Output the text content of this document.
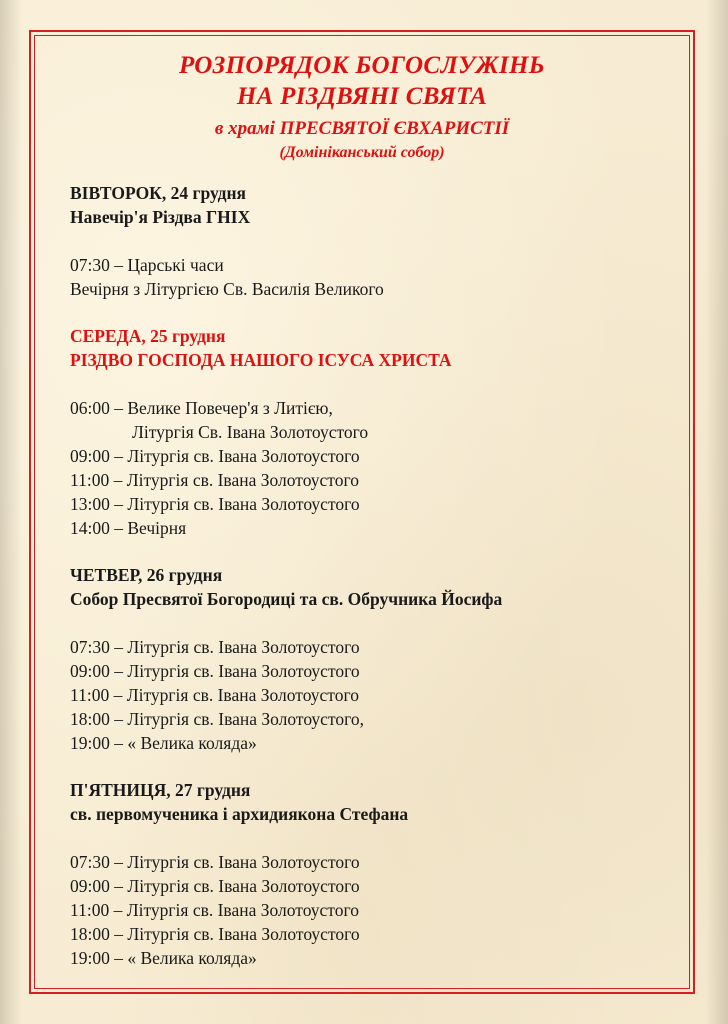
РОЗПОРЯДОК БОГОСЛУЖІНЬ
НА РІЗДВЯНІ СВЯТА
в храмі ПРЕСВЯТОЇ ЄВХАРИСТІЇ
(Домініканський собор)
ВІВТОРОК, 24 грудня
Навечір'я Різдва ГНІХ
07:30 – Царські часи
Вечірня з Літургією Св. Василія Великого
СЕРЕДА, 25 грудня
РІЗДВО ГОСПОДА НАШОГО ІСУСА ХРИСТА
06:00 – Велике Повечер'я з Литією,
Літургія Св. Івана Золотоустого
09:00 – Літургія св. Івана Золотоустого
11:00 – Літургія св. Івана Золотоустого
13:00 – Літургія св. Івана Золотоустого
14:00 – Вечірня
ЧЕТВЕР, 26 грудня
Собор Пресвятої Богородиці та св. Обручника Йосифа
07:30 – Літургія св. Івана Золотоустого
09:00 – Літургія св. Івана Золотоустого
11:00 – Літургія св. Івана Золотоустого
18:00 – Літургія св. Івана Золотоустого,
19:00 – « Велика коляда»
П'ЯТНИЦЯ, 27 грудня
св. первомученика і архидиякона Стефана
07:30 – Літургія св. Івана Золотоустого
09:00 – Літургія св. Івана Золотоустого
11:00 – Літургія св. Івана Золотоустого
18:00 – Літургія св. Івана Золотоустого
19:00 – « Велика коляда»
